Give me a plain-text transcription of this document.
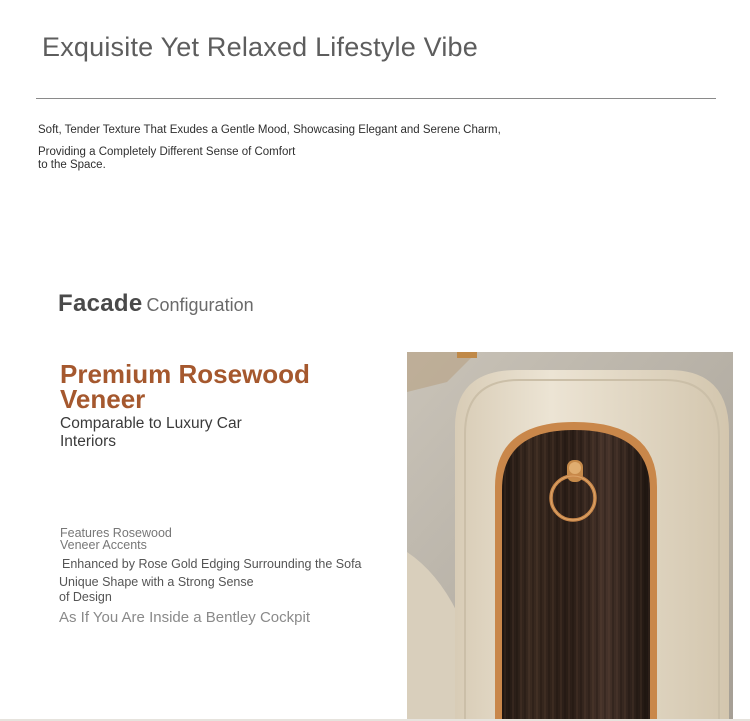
Exquisite Yet Relaxed Lifestyle Vibe
Soft, Tender Texture That Exudes a Gentle Mood, Showcasing Elegant and Serene Charm,
Providing a Completely Different Sense of Comfort
to the Space.
Facade Configuration
Premium Rosewood
Veneer
Comparable to Luxury Car
Interiors
Features Rosewood
Veneer Accents
Enhanced by Rose Gold Edging Surrounding the Sofa
Unique Shape with a Strong Sense
of Design
As If You Are Inside a Bentley Cockpit
